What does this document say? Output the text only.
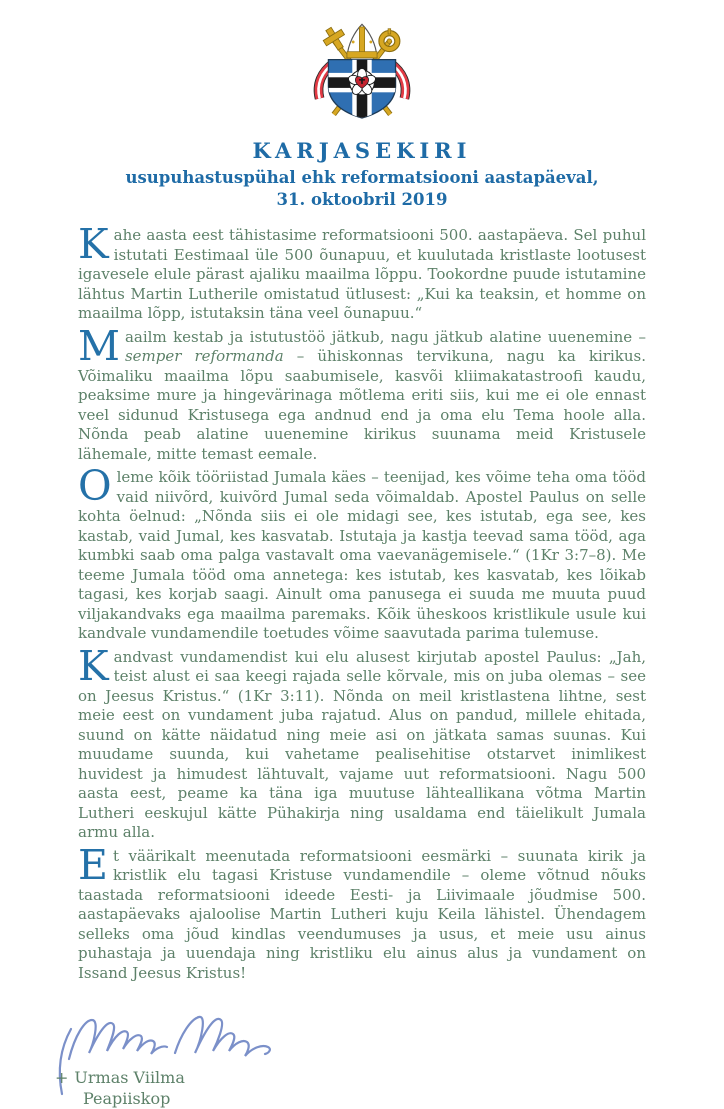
KARJASEKIRI
usupuhastuspühal ehk reformatsiooni aastapäeval,
31. oktoobril 2019

Kahe aasta eest tähistasime reformatsiooni 500. aastapäeva. Sel puhul istutati Eestimaal üle 500 õunapuu, et kuulutada kristlaste lootusest igavesele elule pärast ajaliku maailma lõppu. Tookordne puude istutamine lähtus Martin Lutherile omistatud ütlusest: „Kui ka teaksin, et homme on maailma lõpp, istutaksin täna veel õunapuu.“

Maailm kestab ja istutustöö jätkub, nagu jätkub alatine uuenemine – semper reformanda – ühiskonnas tervikuna, nagu ka kirikus. Võimaliku maailma lõpu saabumisele, kasvõi kliimakatastroofi kaudu, peaksime mure ja hingevärinaga mõtlema eriti siis, kui me ei ole ennast veel sidunud Kristusega ega andnud end ja oma elu Tema hoole alla. Nõnda peab alatine uuenemine kirikus suunama meid Kristusele lähemale, mitte temast eemale.

Oleme kõik tööriistad Jumala käes – teenijad, kes võime teha oma tööd vaid niivõrd, kuivõrd Jumal seda võimaldab. Apostel Paulus on selle kohta öelnud: „Nõnda siis ei ole midagi see, kes istutab, ega see, kes kastab, vaid Jumal, kes kasvatab. Istutaja ja kastja teevad sama tööd, aga kumbki saab oma palga vastavalt oma vaevanägemisele.“ (1Kr 3:7–8). Me teeme Jumala tööd oma annetega: kes istutab, kes kasvatab, kes lõikab tagasi, kes korjab saagi. Ainult oma panusega ei suuda me muuta puud viljakandvaks ega maailma paremaks. Kõik üheskoos kristlikule usule kui kandvale vundamendile toetudes võime saavutada parima tulemuse.

Kandvast vundamendist kui elu alusest kirjutab apostel Paulus: „Jah, teist alust ei saa keegi rajada selle kõrvale, mis on juba olemas – see on Jeesus Kristus.“ (1Kr 3:11). Nõnda on meil kristlastena lihtne, sest meie eest on vundament juba rajatud. Alus on pandud, millele ehitada, suund on kätte näidatud ning meie asi on jätkata samas suunas. Kui muudame suunda, kui vahetame pealisehitise otstarvet inimlikest huvidest ja himudest lähtuvalt, vajame uut reformatsiooni. Nagu 500 aasta eest, peame ka täna iga muutuse lähteallikana võtma Martin Lutheri eeskujul kätte Pühakirja ning usaldama end täielikult Jumala armu alla.

Et väärikalt meenutada reformatsiooni eesmärki – suunata kirik ja kristlik elu tagasi Kristuse vundamendile – oleme võtnud nõuks taastada reformatsiooni ideede Eesti- ja Liivimaale jõudmise 500. aastapäevaks ajaloolise Martin Lutheri kuju Keila lähistel. Ühendagem selleks oma jõud kindlas veendumuses ja usus, et meie usu ainus puhastaja ja uuendaja ning kristliku elu ainus alus ja vundament on Issand Jeesus Kristus!

+ Urmas Viilma
Peapiiskop
